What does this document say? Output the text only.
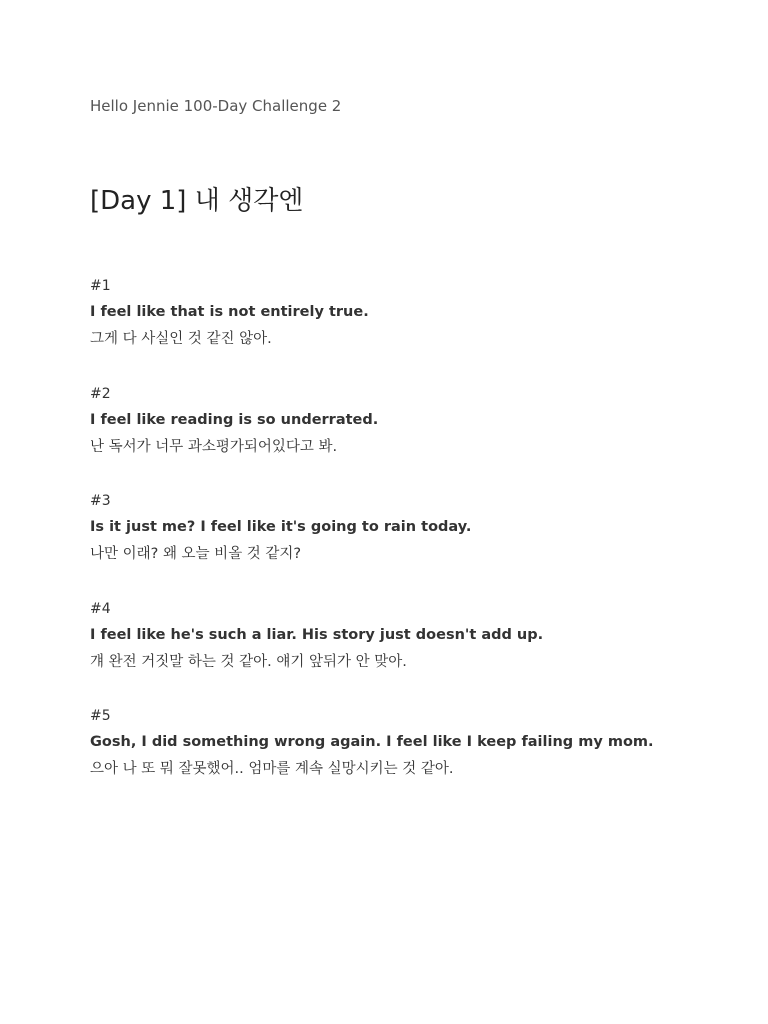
Hello Jennie 100-Day Challenge 2
[Day 1] 내 생각엔
#1
I feel like that is not entirely true.
그게 다 사실인 것 같진 않아.
#2
I feel like reading is so underrated.
난 독서가 너무 과소평가되어있다고 봐.
#3
Is it just me? I feel like it's going to rain today.
나만 이래? 왜 오늘 비올 것 같지?
#4
I feel like he's such a liar. His story just doesn't add up.
걔 완전 거짓말 하는 것 같아. 얘기 앞뒤가 안 맞아.
#5
Gosh, I did something wrong again. I feel like I keep failing my mom.
으아 나 또 뭐 잘못했어.. 엄마를 계속 실망시키는 것 같아.
